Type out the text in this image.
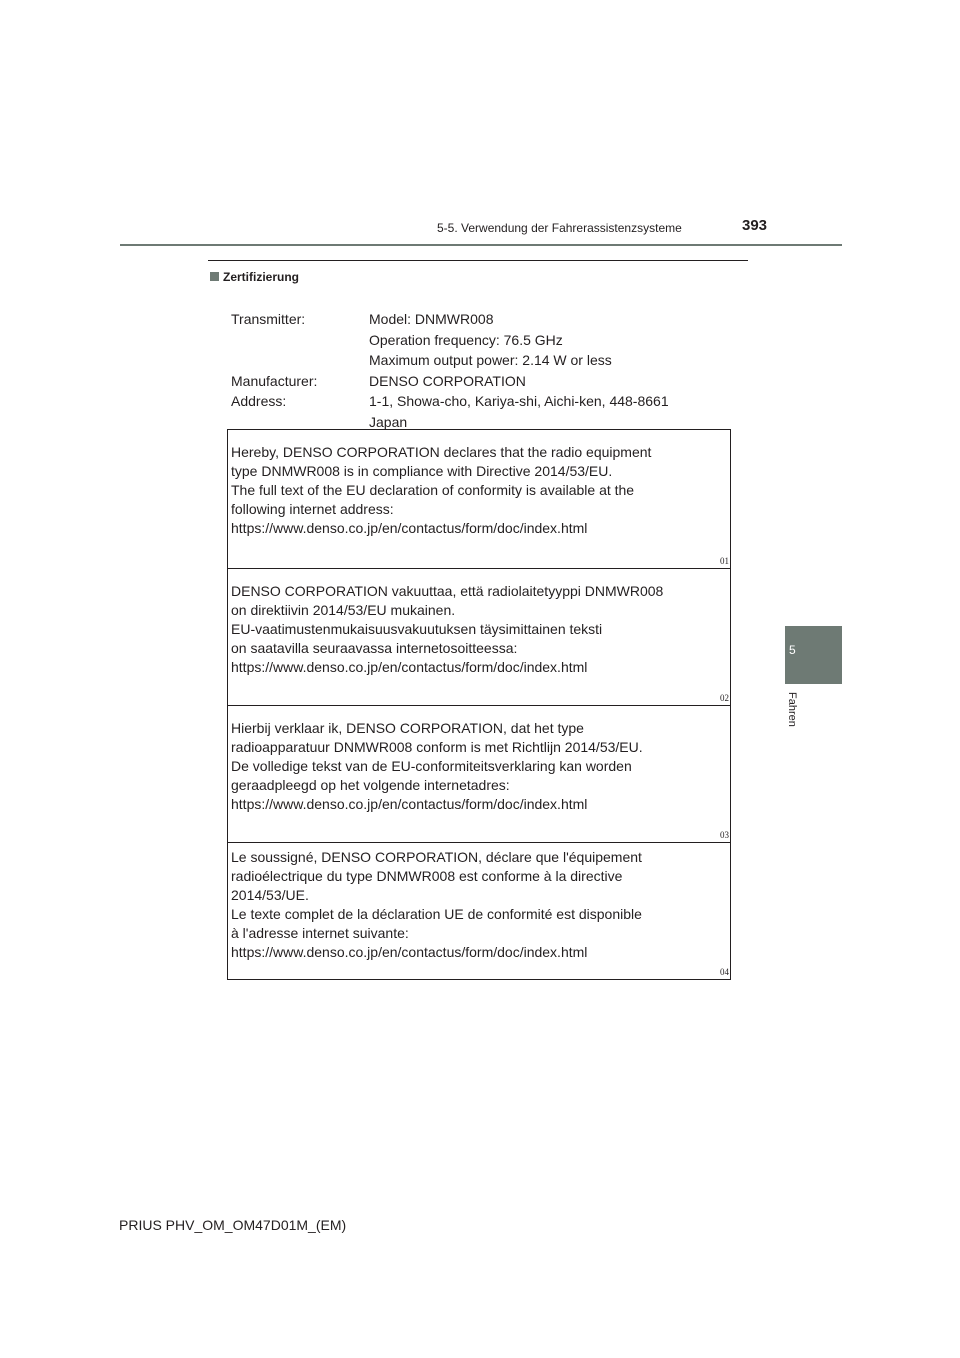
5-5. Verwendung der Fahrerassistenzsysteme	393
Zertifizierung
Transmitter:	Model: DNMWR008
Operation frequency: 76.5 GHz
Maximum output power: 2.14 W or less
Manufacturer:	DENSO CORPORATION
Address:	1-1, Showa-cho, Kariya-shi, Aichi-ken, 448-8661
Japan
Hereby, DENSO CORPORATION declares that the radio equipment
type DNMWR008 is in compliance with Directive 2014/53/EU.
The full text of the EU declaration of conformity is available at the
following internet address:
https://www.denso.co.jp/en/contactus/form/doc/index.html
01
DENSO CORPORATION vakuuttaa, että radiolaitetyyppi DNMWR008
on direktiivin 2014/53/EU mukainen.
EU-vaatimustenmukaisuusvakuutuksen täysimittainen teksti
on saatavilla seuraavassa internetosoitteessa:
https://www.denso.co.jp/en/contactus/form/doc/index.html
02
Hierbij verklaar ik, DENSO CORPORATION, dat het type
radioapparatuur DNMWR008 conform is met Richtlijn 2014/53/EU.
De volledige tekst van de EU-conformiteitsverklaring kan worden
geraadpleegd op het volgende internetadres:
https://www.denso.co.jp/en/contactus/form/doc/index.html
03
Le soussigné, DENSO CORPORATION, déclare que l'équipement
radioélectrique du type DNMWR008 est conforme à la directive
2014/53/UE.
Le texte complet de la déclaration UE de conformité est disponible
à l'adresse internet suivante:
https://www.denso.co.jp/en/contactus/form/doc/index.html
04
5
Fahren
PRIUS PHV_OM_OM47D01M_(EM)
